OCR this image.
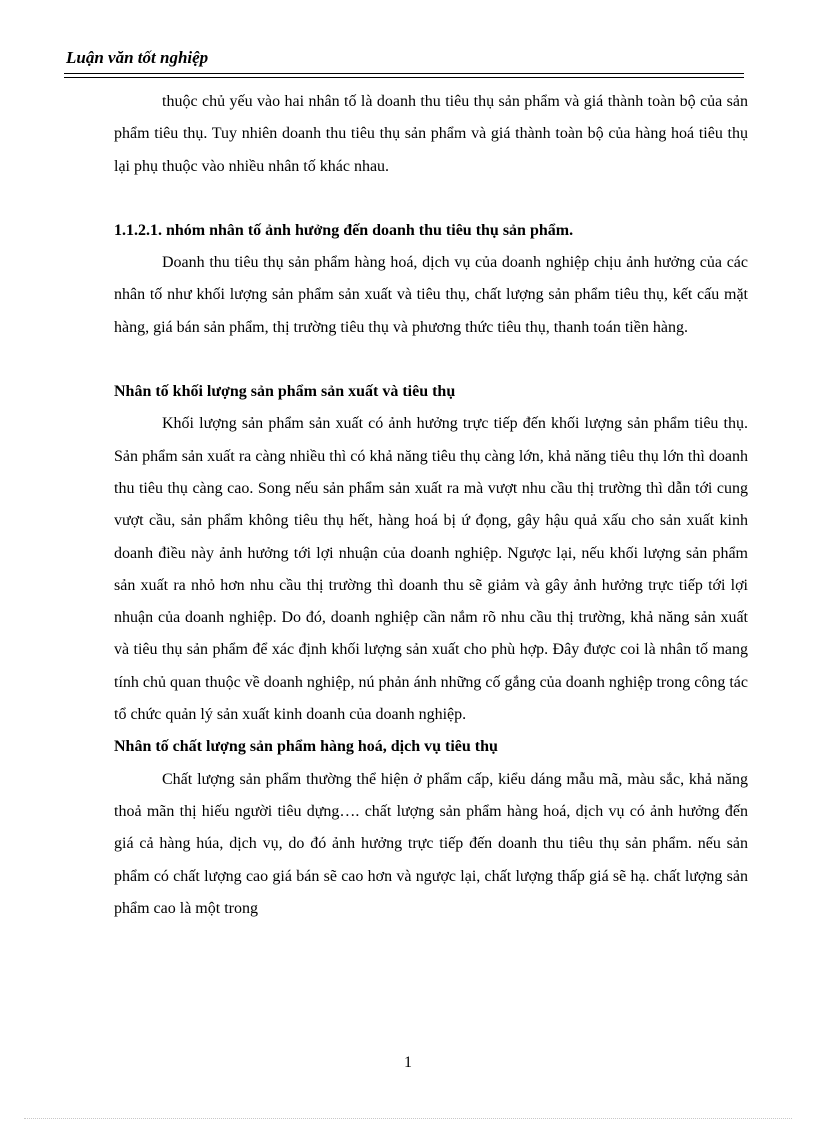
Luận văn tốt nghiệp

thuộc chủ yếu vào hai nhân tố là doanh thu tiêu thụ sản phẩm và giá thành toàn bộ của sản phẩm tiêu thụ. Tuy nhiên doanh thu tiêu thụ sản phẩm và giá thành toàn bộ của hàng hoá tiêu thụ lại phụ thuộc vào nhiều nhân tố khác nhau.

1.1.2.1. nhóm nhân tố ảnh hưởng đến doanh thu tiêu thụ sản phẩm.

Doanh thu tiêu thụ sản phẩm hàng hoá, dịch vụ của doanh nghiệp chịu ảnh hưởng của các nhân tố như khối lượng sản phẩm sản xuất và tiêu thụ, chất lượng sản phẩm tiêu thụ, kết cấu mặt hàng, giá bán sản phẩm, thị trường tiêu thụ và phương thức tiêu thụ, thanh toán tiền hàng.

Nhân tố khối lượng sản phẩm sản xuất và tiêu thụ

Khối lượng sản phẩm sản xuất có ảnh hưởng trực tiếp đến khối lượng sản phẩm tiêu thụ. Sản phẩm sản xuất ra càng nhiều thì có khả năng tiêu thụ càng lớn, khả năng tiêu thụ lớn thì doanh thu tiêu thụ càng cao. Song nếu sản phẩm sản xuất ra mà vượt nhu cầu thị trường thì dẫn tới cung vượt cầu, sản phẩm không tiêu thụ hết, hàng hoá bị ứ đọng, gây hậu quả xấu cho sản xuất kinh doanh điều này ảnh hưởng tới lợi nhuận của doanh nghiệp. Ngược lại, nếu khối lượng sản phẩm sản xuất ra nhỏ hơn nhu cầu thị trường thì doanh thu sẽ giảm và gây ảnh hưởng trực tiếp tới lợi nhuận của doanh nghiệp. Do đó, doanh nghiệp cần nắm rõ nhu cầu thị trường, khả năng sản xuất và tiêu thụ sản phẩm để xác định khối lượng sản xuất cho phù hợp. Đây được coi là nhân tố mang tính chủ quan thuộc về doanh nghiệp, nú phản ánh những cố gắng của doanh nghiệp trong công tác tổ chức quản lý sản xuất kinh doanh của doanh nghiệp.

Nhân tố chất lượng sản phẩm hàng hoá, dịch vụ tiêu thụ

Chất lượng sản phẩm thường thể hiện ở phẩm cấp, kiểu dáng mẫu mã, màu sắc, khả năng thoả mãn thị hiếu người tiêu dựng…. chất lượng sản phẩm hàng hoá, dịch vụ có ảnh hưởng đến giá cả hàng húa, dịch vụ, do đó ảnh hưởng trực tiếp đến doanh thu tiêu thụ sản phẩm. nếu sản phẩm có chất lượng cao giá bán sẽ cao hơn và ngược lại, chất lượng thấp giá sẽ hạ. chất lượng sản phẩm cao là một trong

1
